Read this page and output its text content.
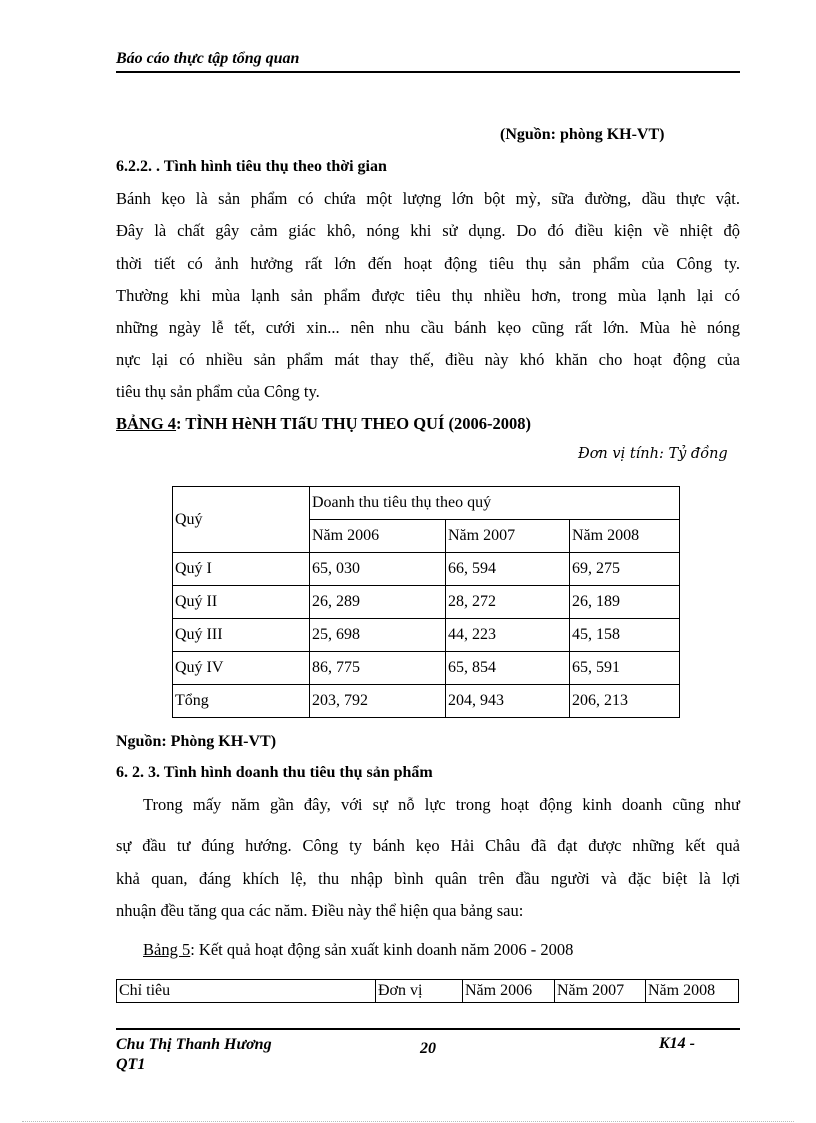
Báo cáo thực tập tổng quan
(Nguồn: phòng KH-VT)
6.2.2. . Tình hình tiêu thụ theo thời gian
Bánh kẹo là sản phẩm có chứa một lượng lớn bột mỳ, sữa đường, dầu thực vật.
Đây là chất gây cảm giác khô, nóng khi sử dụng. Do đó điều kiện về nhiệt độ
thời tiết có ảnh hưởng rất lớn đến hoạt động tiêu thụ sản phẩm của Công ty.
Thường khi mùa lạnh sản phẩm được tiêu thụ nhiều hơn, trong mùa lạnh lại có
những ngày lễ tết, cưới xin... nên nhu cầu bánh kẹo cũng rất lớn. Mùa hè nóng
nực lại có nhiều sản phẩm mát thay thế, điều này khó khăn cho hoạt động của
tiêu thụ sản phẩm của Công ty.
BẢNG 4: TÌNH HèNH TIấU THỤ THEO QUÍ (2006-2008)
Đơn vị tính: Tỷ đồng
Quý	Doanh thu tiêu thụ theo quý		
	Năm 2006	Năm 2007	Năm 2008
Quý I	65, 030	66, 594	69, 275
Quý II	26, 289	28, 272	26, 189
Quý III	25, 698	44, 223	45, 158
Quý IV	86, 775	65, 854	65, 591
Tổng	203, 792	204, 943	206, 213
Nguồn: Phòng KH-VT)
6. 2. 3. Tình hình doanh thu tiêu thụ sản phẩm
Trong mấy năm gần đây, với sự nỗ lực trong hoạt động kinh doanh cũng như
sự đầu tư đúng hướng. Công ty bánh kẹo Hải Châu đã đạt được những kết quả
khả quan, đáng khích lệ, thu nhập bình quân trên đầu người và đặc biệt là lợi
nhuận đều tăng qua các năm. Điều này thể hiện qua bảng sau:
Bảng 5: Kết quả hoạt động sản xuất kinh doanh năm 2006 - 2008
Chỉ tiêu	Đơn vị	Năm 2006	Năm 2007	Năm 2008
Chu Thị Thanh Hương
QT1
20	K14 -
